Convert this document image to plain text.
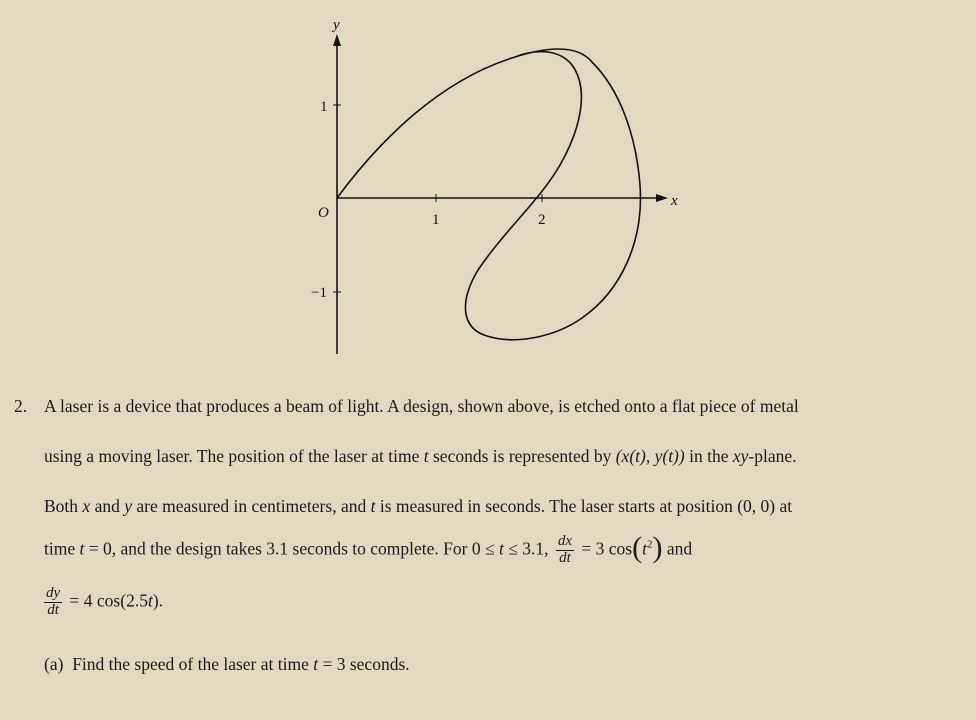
y
x
O	1	2
1
−1
2. A laser is a device that produces a beam of light. A design, shown above, is etched onto a flat piece of metal
using a moving laser. The position of the laser at time t seconds is represented by (x(t), y(t)) in the xy-plane.
Both x and y are measured in centimeters, and t is measured in seconds. The laser starts at position (0, 0) at
time t = 0, and the design takes 3.1 seconds to complete. For 0 ≤ t ≤ 3.1, $\frac{dx}{dt} = 3$ $\cos(t^2)$ and
$\frac{dy}{dt} = 4$ cos(2.5t).
(a) Find the speed of the laser at time t = 3 seconds.
